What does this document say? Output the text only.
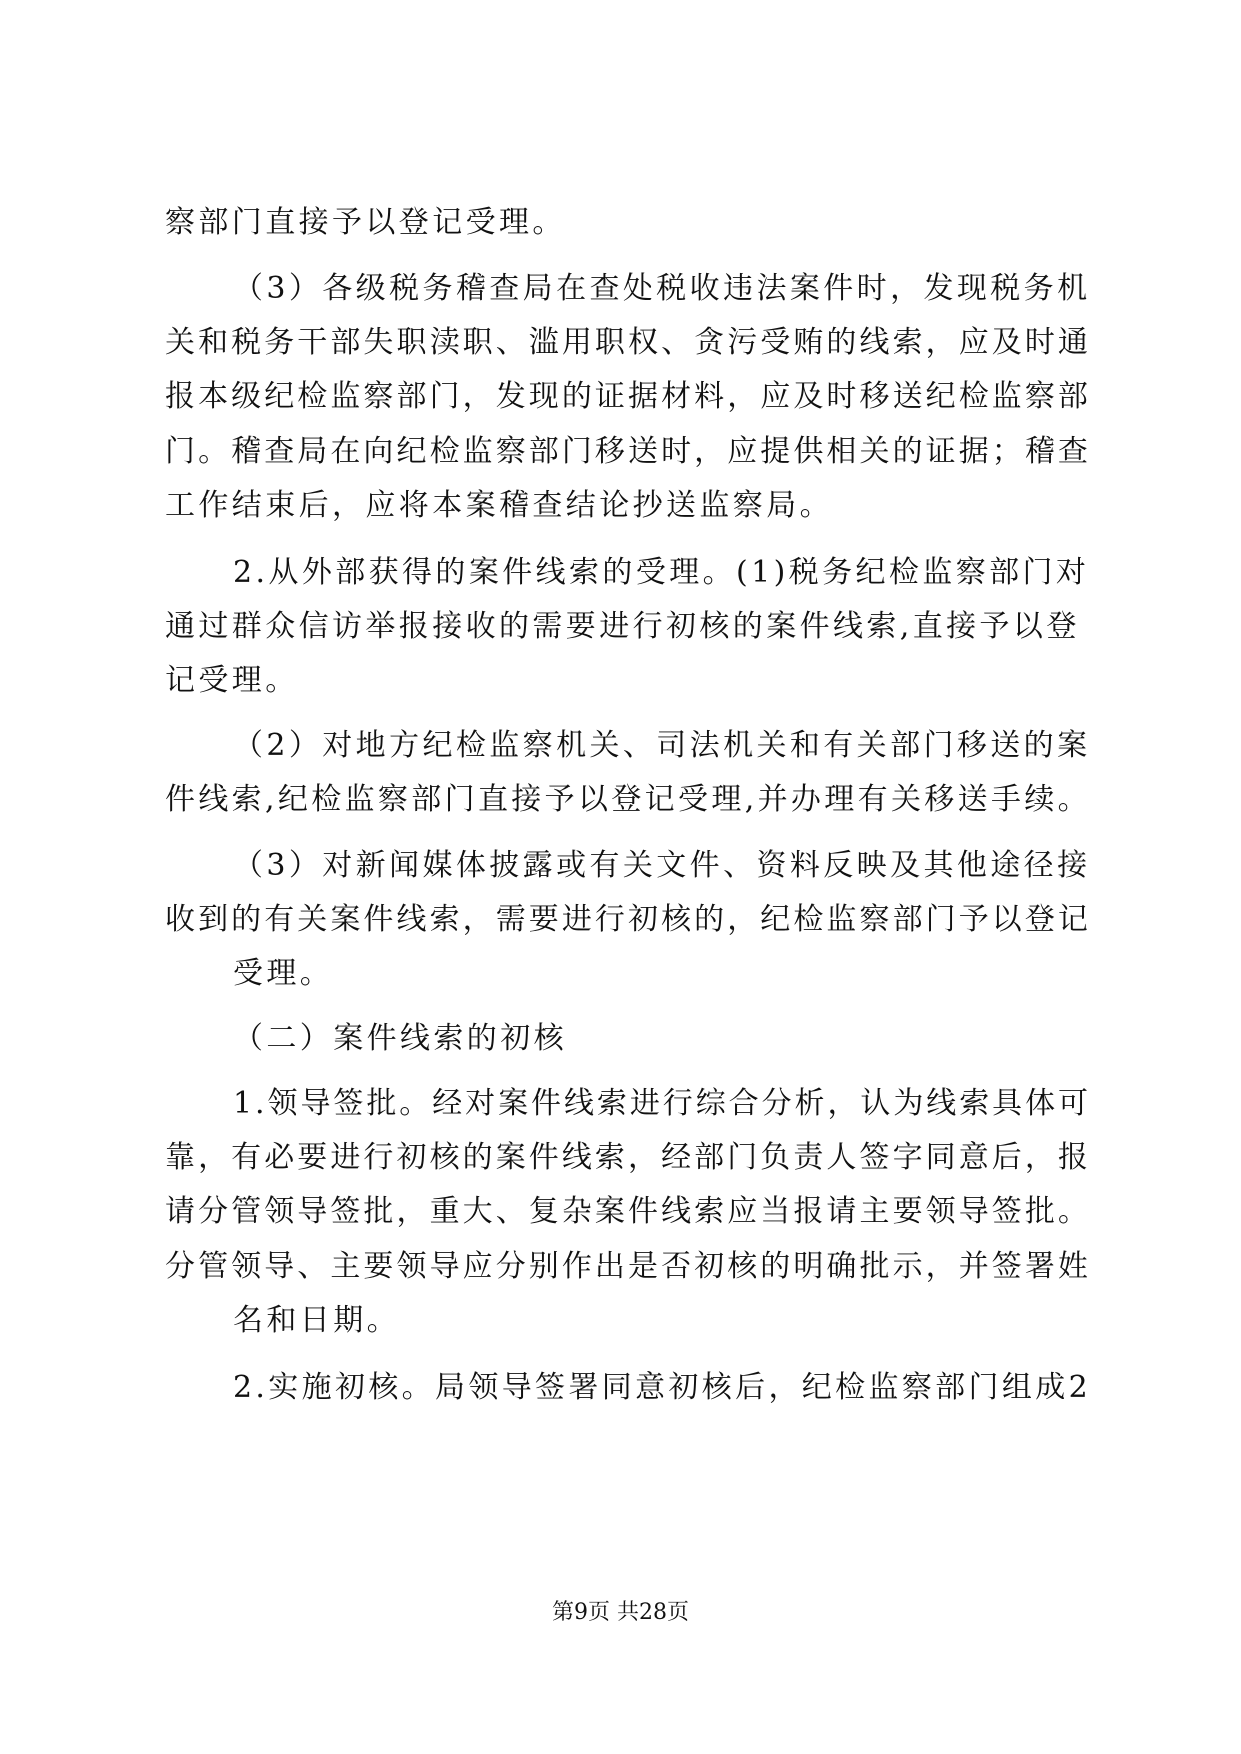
察部门直接予以登记受理。
（3）各级税务稽查局在查处税收违法案件时，发现税务机
关和税务干部失职渎职、滥用职权、贪污受贿的线索，应及时通
报本级纪检监察部门，发现的证据材料，应及时移送纪检监察部
门。稽查局在向纪检监察部门移送时，应提供相关的证据；稽查
工作结束后，应将本案稽查结论抄送监察局。
2.从外部获得的案件线索的受理。(1)税务纪检监察部门对
通过群众信访举报接收的需要进行初核的案件线索,直接予以登
记受理。
（2）对地方纪检监察机关、司法机关和有关部门移送的案
件线索,纪检监察部门直接予以登记受理,并办理有关移送手续。
（3）对新闻媒体披露或有关文件、资料反映及其他途径接
收到的有关案件线索，需要进行初核的，纪检监察部门予以登记
受理。
（二）案件线索的初核
1.领导签批。经对案件线索进行综合分析，认为线索具体可
靠，有必要进行初核的案件线索，经部门负责人签字同意后，报
请分管领导签批，重大、复杂案件线索应当报请主要领导签批。
分管领导、主要领导应分别作出是否初核的明确批示，并签署姓
名和日期。
2.实施初核。局领导签署同意初核后，纪检监察部门组成2
第9页 共28页
